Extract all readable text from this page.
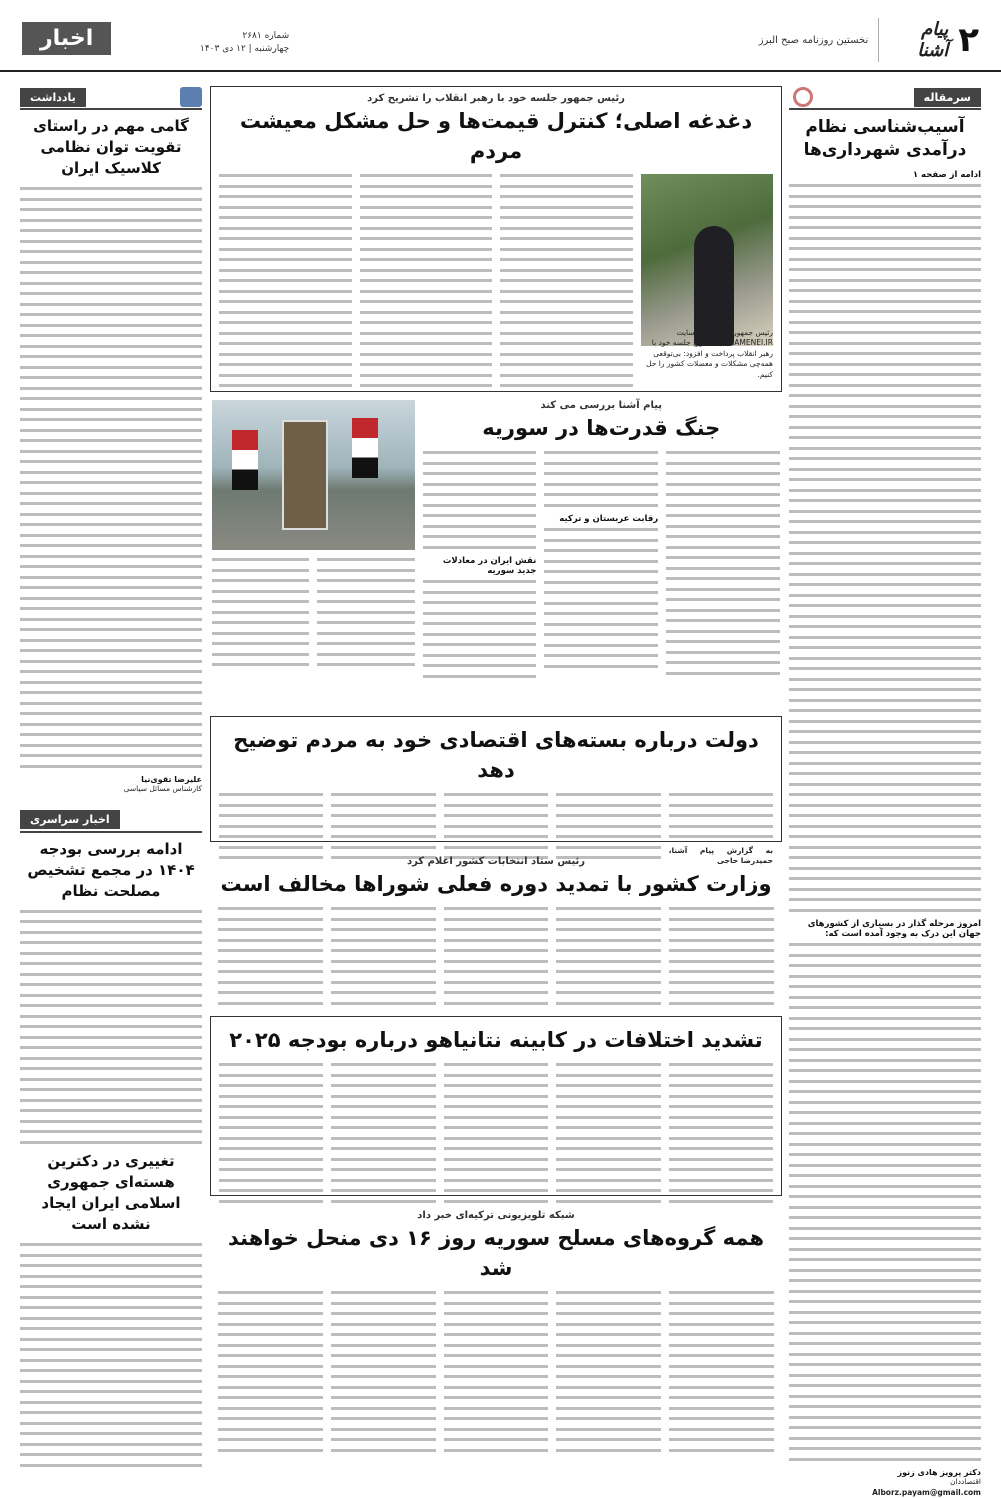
۲
پیام آشنا
نخستین روزنامه صبح البرز
شماره ۲۶۸۱
چهارشنبه | ۱۲ دی ۱۴۰۳
اخبار
سرمقاله
آسیب‌شناسی نظام درآمدی شهرداری‌ها
ادامه از صفحه ۱
امروز مرحله گذار در بسیاری از کشورهای جهان این درک به وجود آمده است که:
دکتر پرویز هادی زنوز
اقتصاددان
Alborz.payam@gmail.com
یادداشت
گامی مهم در راستای تقویت توان نظامی کلاسیک ایران
علیرضا تقوی‌نیا
کارشناس مسائل سیاسی
اخبار سراسری
ادامه بررسی بودجه ۱۴۰۴ در مجمع تشخیص مصلحت نظام
تغییری در دکترین هسته‌ای جمهوری اسلامی ایران ایجاد نشده است
رئیس جمهور جلسه خود با رهبر انقلاب را تشریح کرد
دغدغه اصلی؛ کنترل قیمت‌ها و حل مشکل معیشت مردم
رئیس جمهور در گفتگو با سایت KHAMENEI.IR به تشریح جلسه خود با رهبر انقلاب پرداخت و افزود: بی‌توقعی همه‌چی مشکلات و معضلات کشور را حل کنیم.
پیام آشنا بررسی می کند
جنگ قدرت‌ها در سوریه
رقابت عربستان و ترکیه
نقش ایران در معادلات جدید سوریه
دولت درباره بسته‌های اقتصادی خود به مردم توضیح دهد
به گزارش پیام آشنا، حمیدرضا حاجی
رئیس ستاد انتخابات کشور اعلام کرد
وزارت کشور با تمدید دوره فعلی شوراها مخالف است
تشدید اختلافات در کابینه نتانیاهو درباره بودجه ۲۰۲۵
شبکه تلویزیونی ترکیه‌ای خبر داد
همه گروه‌های مسلح سوریه روز ۱۶ دی منحل خواهند شد
